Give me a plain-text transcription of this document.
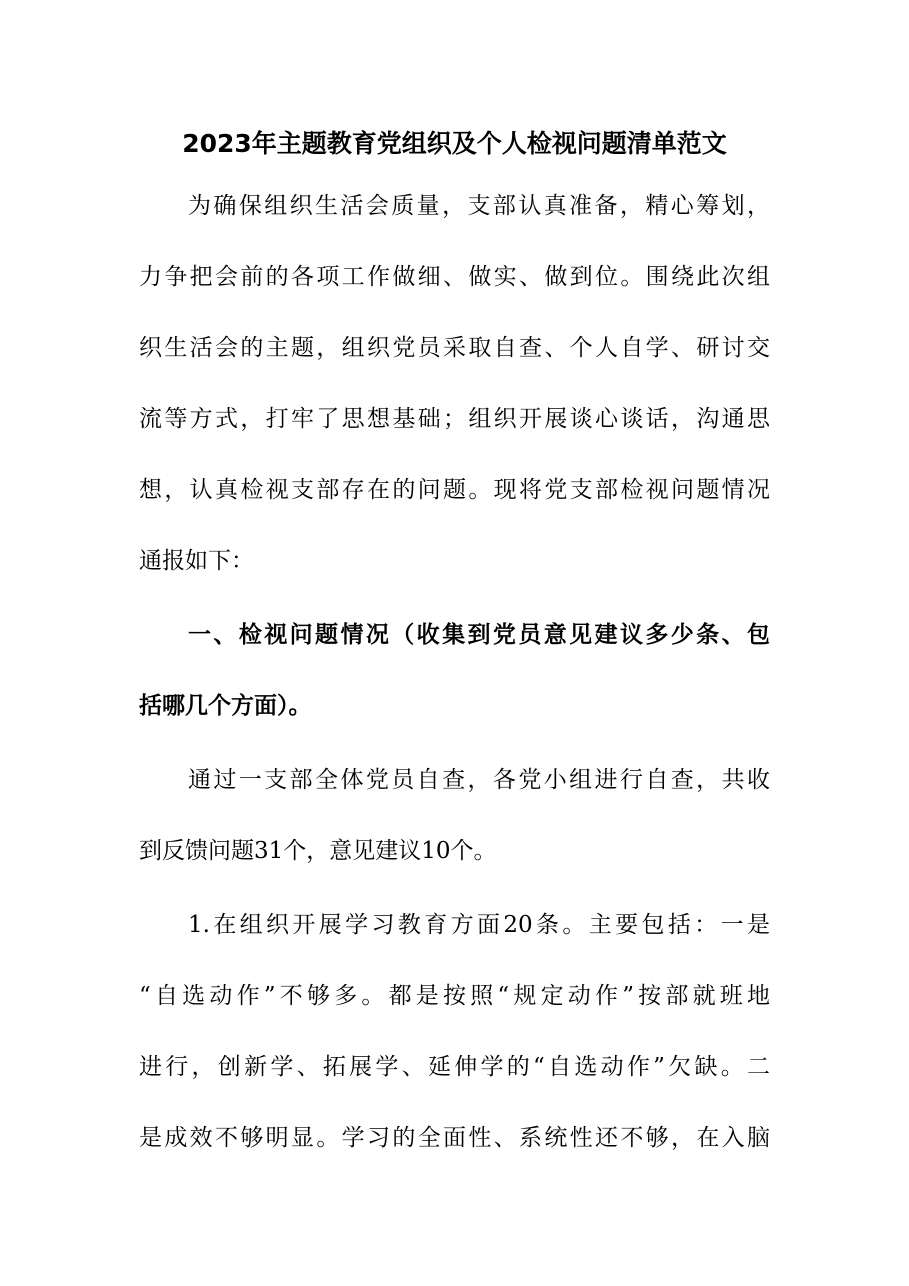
2023年主题教育党组织及个人检视问题清单范文
为确保组织生活会质量，支部认真准备，精心筹划，
力争把会前的各项工作做细、做实、做到位。围绕此次组
织生活会的主题，组织党员采取自查、个人自学、研讨交
流等方式，打牢了思想基础；组织开展谈心谈话，沟通思
想，认真检视支部存在的问题。现将党支部检视问题情况
通报如下：
一、检视问题情况（收集到党员意见建议多少条、包
括哪几个方面）。
通过一支部全体党员自查，各党小组进行自查，共收
到反馈问题31个，意见建议10个。
1.在组织开展学习教育方面20条。主要包括：一是
“自选动作”不够多。都是按照“规定动作”按部就班地
进行，创新学、拓展学、延伸学的“自选动作”欠缺。二
是成效不够明显。学习的全面性、系统性还不够，在入脑
